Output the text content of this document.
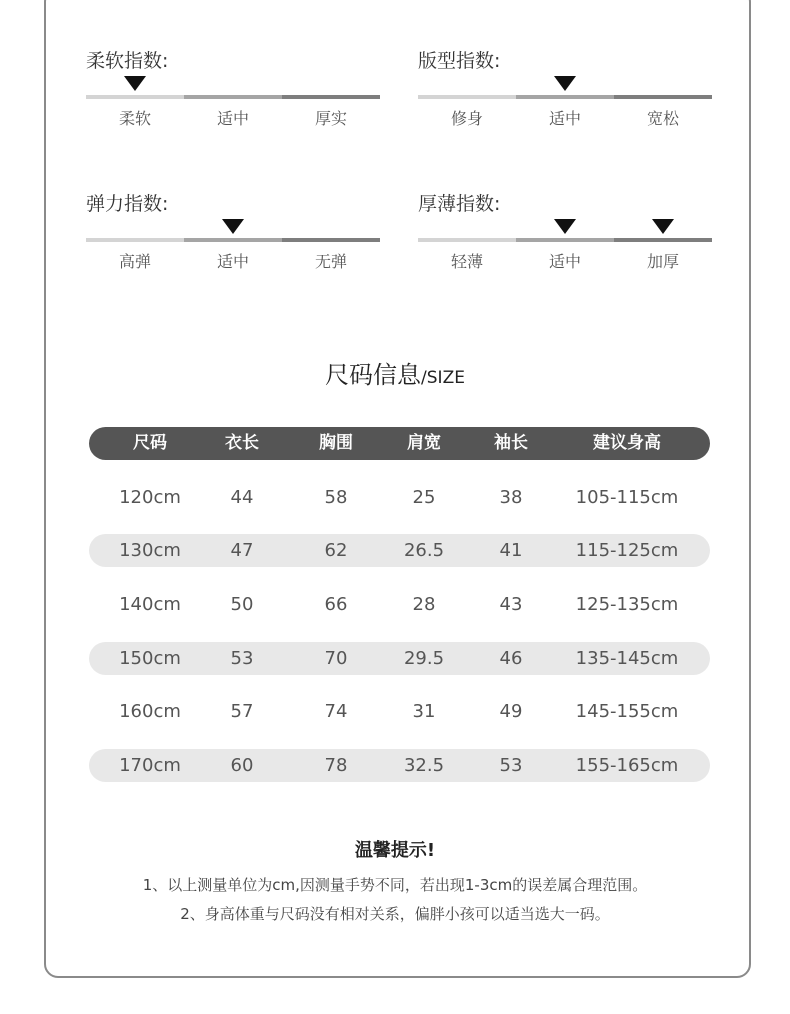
柔软指数:
柔软	适中	厚实
版型指数:
修身	适中	宽松
弹力指数:
高弹	适中	无弹
厚薄指数:
轻薄	适中	加厚
尺码信息/SIZE
尺码	衣长	胸围	肩宽	袖长	建议身高
120cm	44	58	25	38	105-115cm
130cm	47	62	26.5	41	115-125cm
140cm	50	66	28	43	125-135cm
150cm	53	70	29.5	46	135-145cm
160cm	57	74	31	49	145-155cm
170cm	60	78	32.5	53	155-165cm
温馨提示!
1、以上测量单位为cm,因测量手势不同，若出现1-3cm的误差属合理范围。
2、身高体重与尺码没有相对关系，偏胖小孩可以适当选大一码。
